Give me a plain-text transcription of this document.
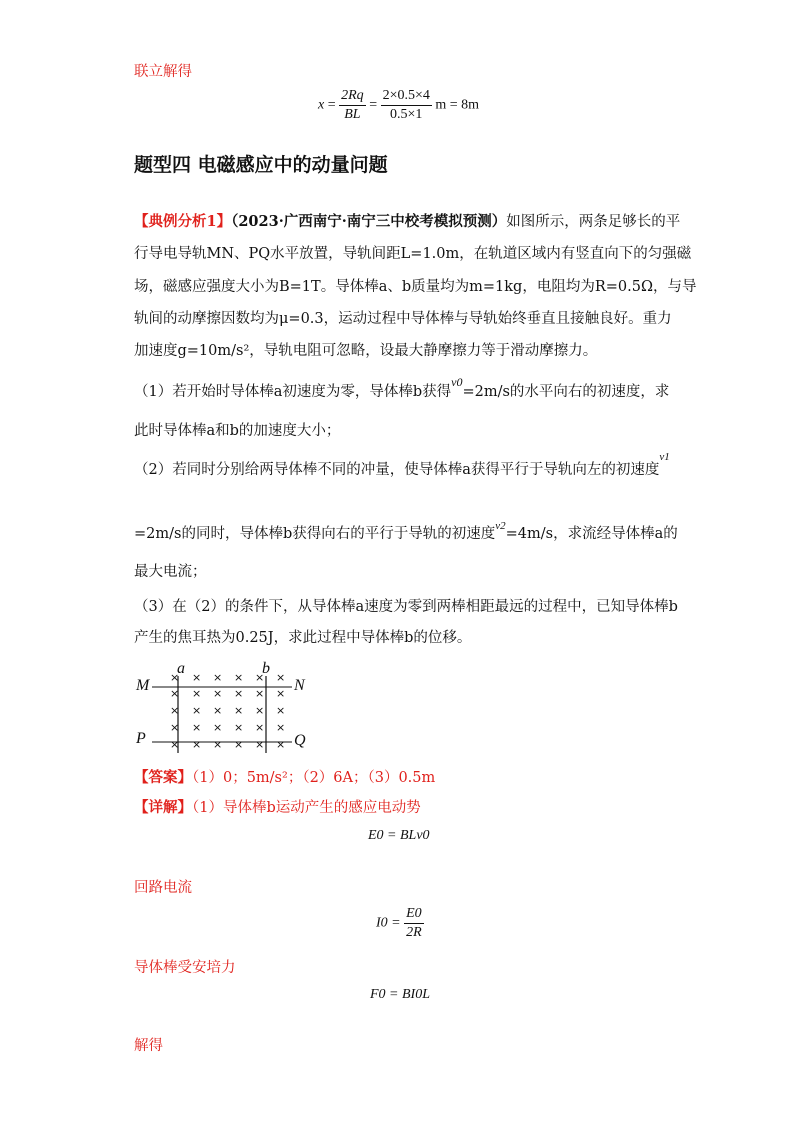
联立解得
$x = \frac{2Rq}{BL} = \frac{2\times 0.5\times 4}{0.5\times 1}$ m = 8m
题型四 电磁感应中的动量问题
【典例分析1】（2023·广西南宁·南宁三中校考模拟预测）如图所示，两条足够长的平
行导电导轨MN、PQ水平放置，导轨间距L=1.0m，在轨道区域内有竖直向下的匀强磁
场，磁感应强度大小为B=1T。导体棒a、b质量均为m=1kg，电阻均为R=0.5Ω，与导
轨间的动摩擦因数均为μ=0.3，运动过程中导体棒与导轨始终垂直且接触良好。重力
加速度g=10m/s²，导轨电阻可忽略，设最大静摩擦力等于滑动摩擦力。
（1）若开始时导体棒a初速度为零，导体棒b获得$^{v0}$=2m/s的水平向右的初速度，求
此时导体棒a和b的加速度大小；
（2）若同时分别给两导体棒不同的冲量，使导体棒a获得平行于导轨向左的初速度$^{v1}$
=2m/s的同时，导体棒b获得向右的平行于导轨的初速度$^{v2}$=4m/s，求流经导体棒a的
最大电流；
（3）在（2）的条件下，从导体棒a速度为零到两棒相距最远的过程中，已知导体棒b
产生的焦耳热为0.25J，求此过程中导体棒b的位移。
× × × × × ×
× × × × × ×
× × × × × ×
× × × × × ×
× × × × × ×
a	b
M	N
P	Q
【答案】（1）0；5m/s²；（2）6A；（3）0.5m
【详解】（1）导体棒b运动产生的感应电动势
E0 = BLv0
回路电流
$I0 = \frac{E0}{2R}$
导体棒受安培力
F0 = BI0L
解得
